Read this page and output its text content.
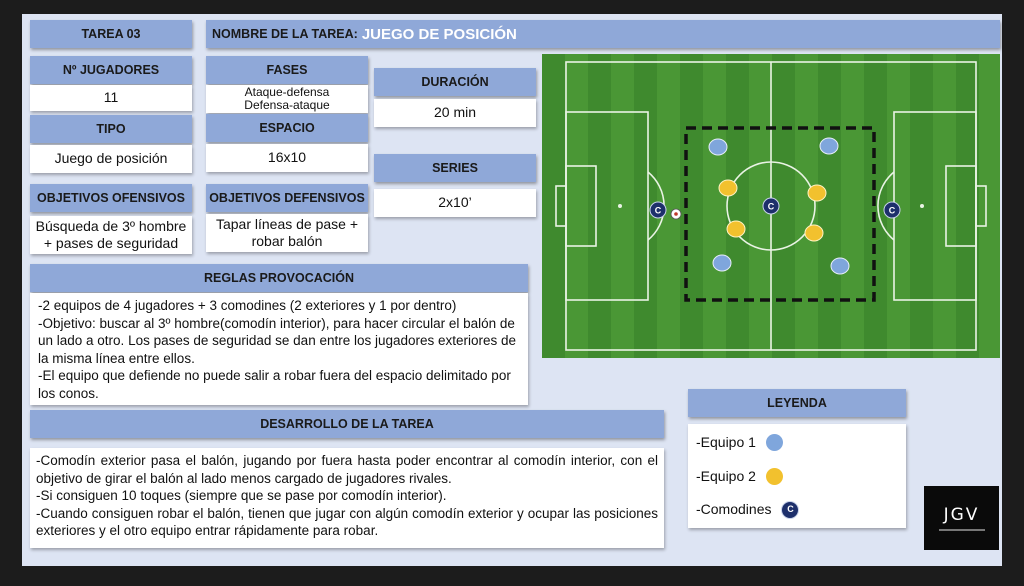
TAREA 03	NOMBRE DE LA TAREA: JUEGO DE POSICIÓN
Nº JUGADORES
11
FASES
Ataque-defensa
Defensa-ataque
DURACIÓN
20 min
TIPO
Juego de posición
ESPACIO
16x10
SERIES
2x10’
OBJETIVOS OFENSIVOS
Búsqueda de 3º hombre
+ pases de seguridad
OBJETIVOS DEFENSIVOS
Tapar líneas de pase +
robar balón
REGLAS PROVOCACIÓN

-2 equipos de 4 jugadores + 3 comodines (2 exteriores y 1 por dentro)

-Objetivo: buscar al 3º hombre(comodín interior), para hacer circular el balón de un lado a otro. Los pases de seguridad se dan entre los jugadores exteriores de la misma línea entre ellos.

-El equipo que defiende no puede salir a robar fuera del espacio delimitado por los conos.

DESARROLLO DE LA TAREA

-Comodín exterior pasa el balón, jugando por fuera hasta poder encontrar al comodín interior, con el objetivo de girar el balón al lado menos cargado de jugadores rivales.

-Si consiguen 10 toques (siempre que se pase por comodín interior).

-Cuando consiguen robar el balón, tienen que jugar con algún comodín exterior y ocupar las posiciones exteriores y el otro equipo entrar rápidamente para robar.

LEYENDA
-Equipo 1
-Equipo 2
-Comodines	C	JGV
C	C	C
